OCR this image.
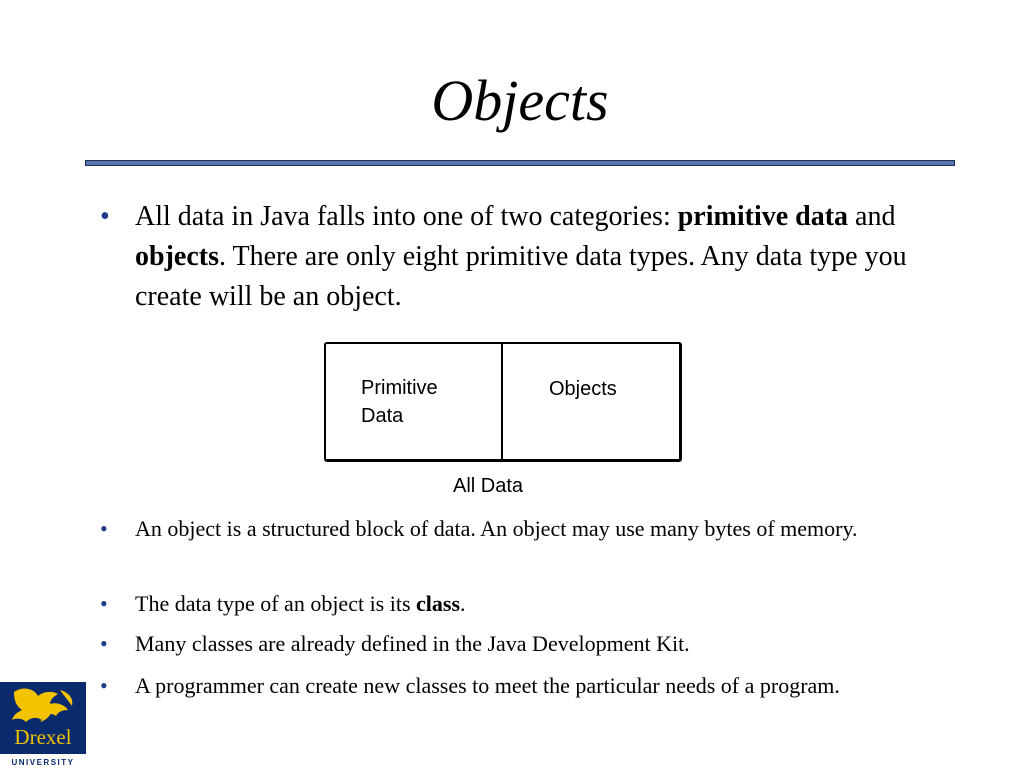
Objects
• All data in Java falls into one of two categories: primitive data and objects. There are only eight primitive data types. Any data type you create will be an object.
• An object is a structured block of data. An object may use many bytes of memory.
• The data type of an object is its class.
• Many classes are already defined in the Java Development Kit.
• A programmer can create new classes to meet the particular needs of a program.
Primitive
Data
Objects
All Data
Drexel
UNIVERSITY
